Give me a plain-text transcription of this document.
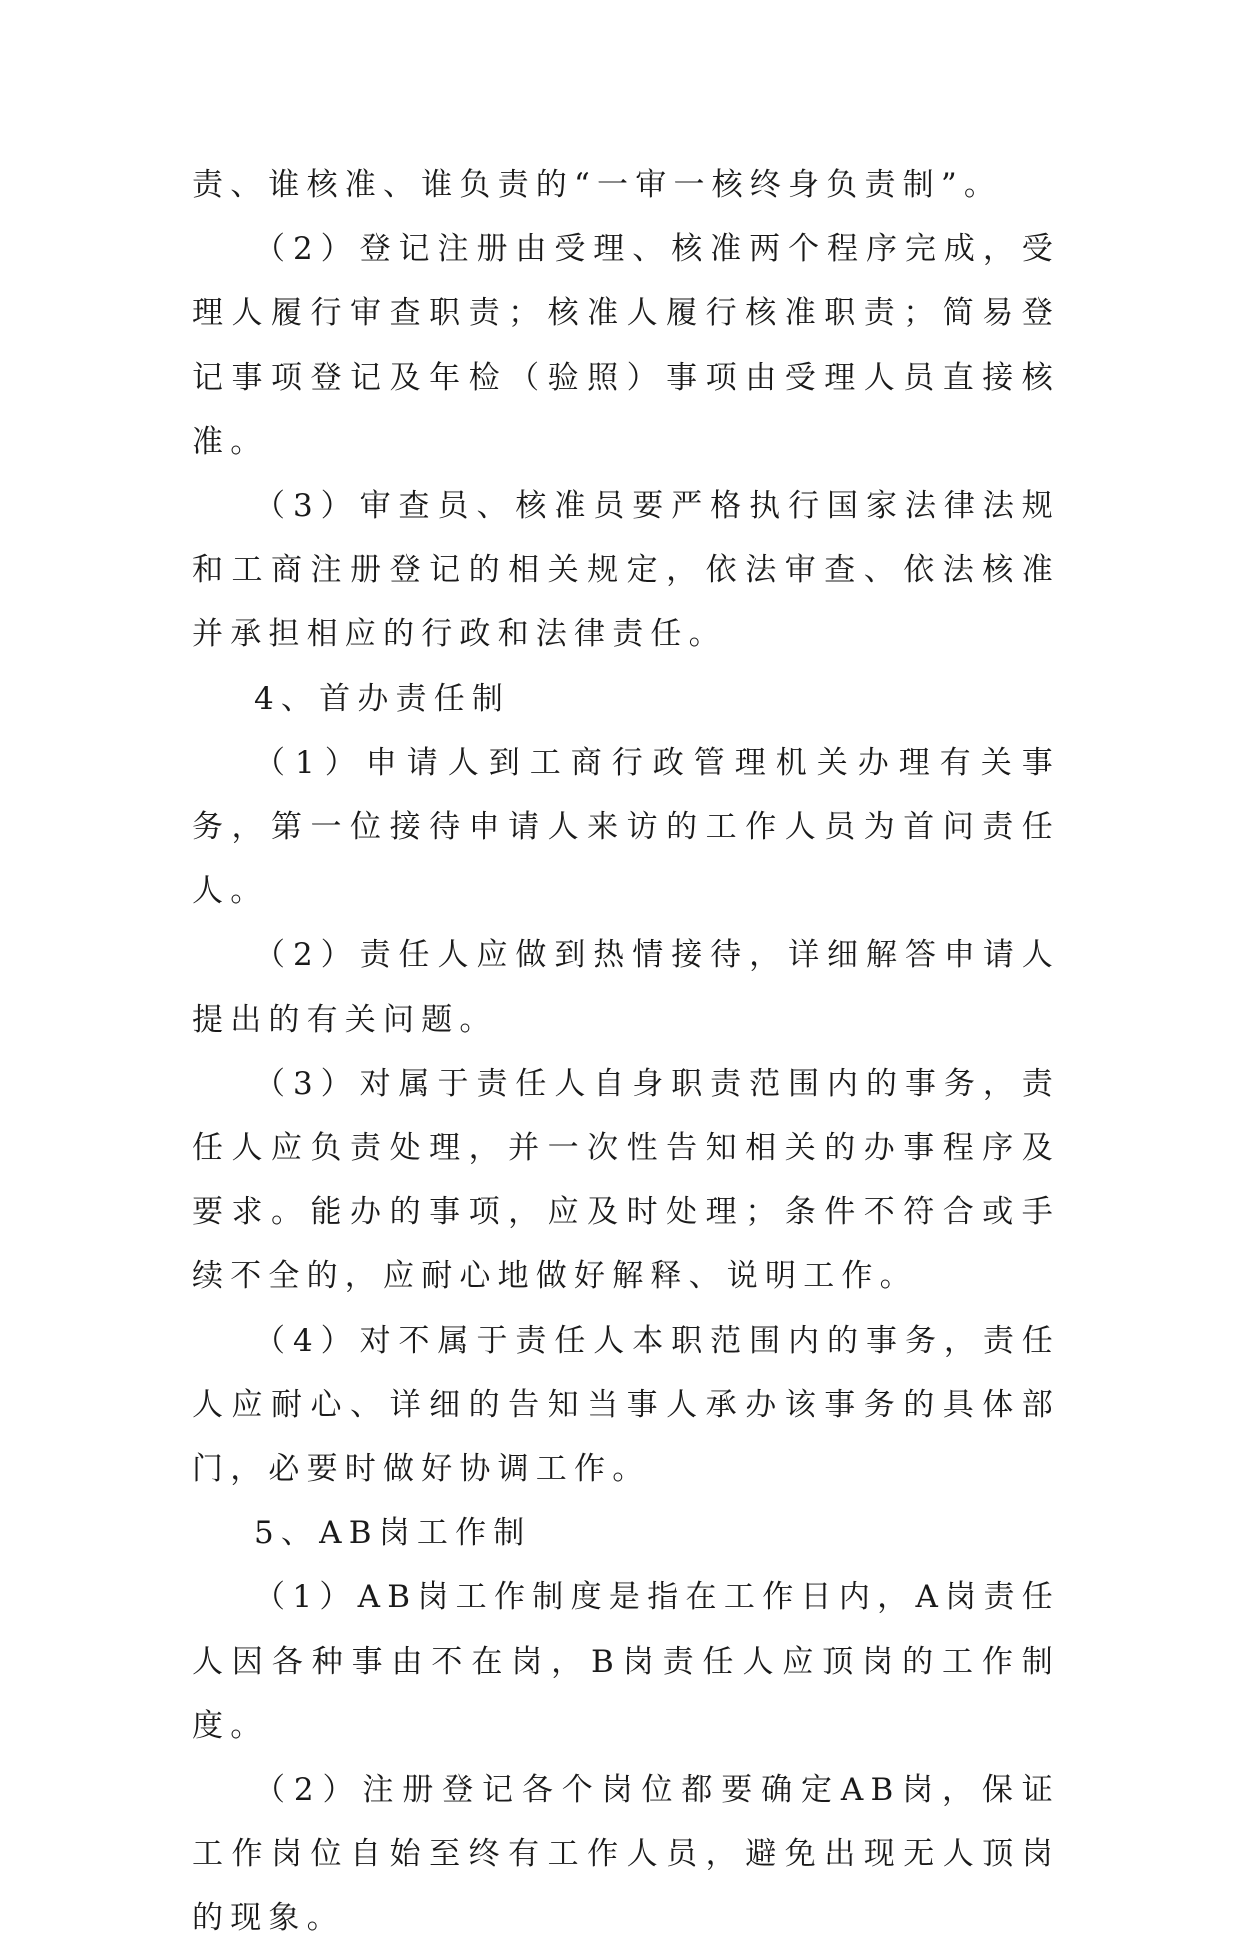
责、谁核准、谁负责的“一审一核终身负责制”。

（2）登记注册由受理、核准两个程序完成，受理人履行审查职责；核准人履行核准职责；简易登记事项登记及年检（验照）事项由受理人员直接核准。

（3）审查员、核准员要严格执行国家法律法规和工商注册登记的相关规定，依法审查、依法核准并承担相应的行政和法律责任。

4、首办责任制

（1）申请人到工商行政管理机关办理有关事务，第一位接待申请人来访的工作人员为首问责任人。

（2）责任人应做到热情接待，详细解答申请人提出的有关问题。

（3）对属于责任人自身职责范围内的事务，责任人应负责处理，并一次性告知相关的办事程序及要求。能办的事项，应及时处理；条件不符合或手续不全的，应耐心地做好解释、说明工作。

（4）对不属于责任人本职范围内的事务，责任人应耐心、详细的告知当事人承办该事务的具体部门，必要时做好协调工作。

5、AB岗工作制

（1）AB岗工作制度是指在工作日内，A岗责任人因各种事由不在岗，B岗责任人应顶岗的工作制度。

（2）注册登记各个岗位都要确定AB岗，保证工作岗位自始至终有工作人员，避免出现无人顶岗的现象。
